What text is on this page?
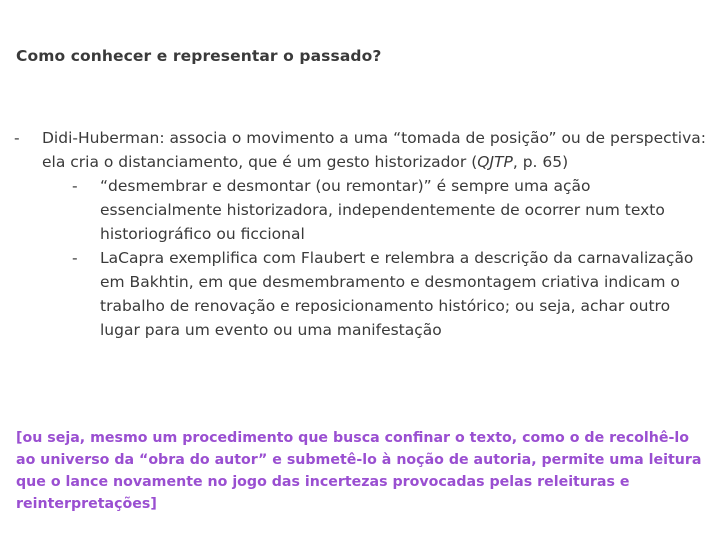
Como conhecer e representar o passado?
- Didi-Huberman: associa o movimento a uma “tomada de posição” ou de perspectiva: ela cria o distanciamento, que é um gesto historizador (QJTP, p. 65)
- “desmembrar e desmontar (ou remontar)” é sempre uma ação essencialmente historizadora, independentemente de ocorrer num texto historiográfico ou ficcional
- LaCapra exemplifica com Flaubert e relembra a descrição da carnavalização em Bakhtin, em que desmembramento e desmontagem criativa indicam o trabalho de renovação e reposicionamento histórico; ou seja, achar outro lugar para um evento ou uma manifestação
[ou seja, mesmo um procedimento que busca confinar o texto, como o de recolhê-lo ao universo da “obra do autor” e submetê-lo à noção de autoria, permite uma leitura que o lance novamente no jogo das incertezas provocadas pelas releituras e reinterpretações]
